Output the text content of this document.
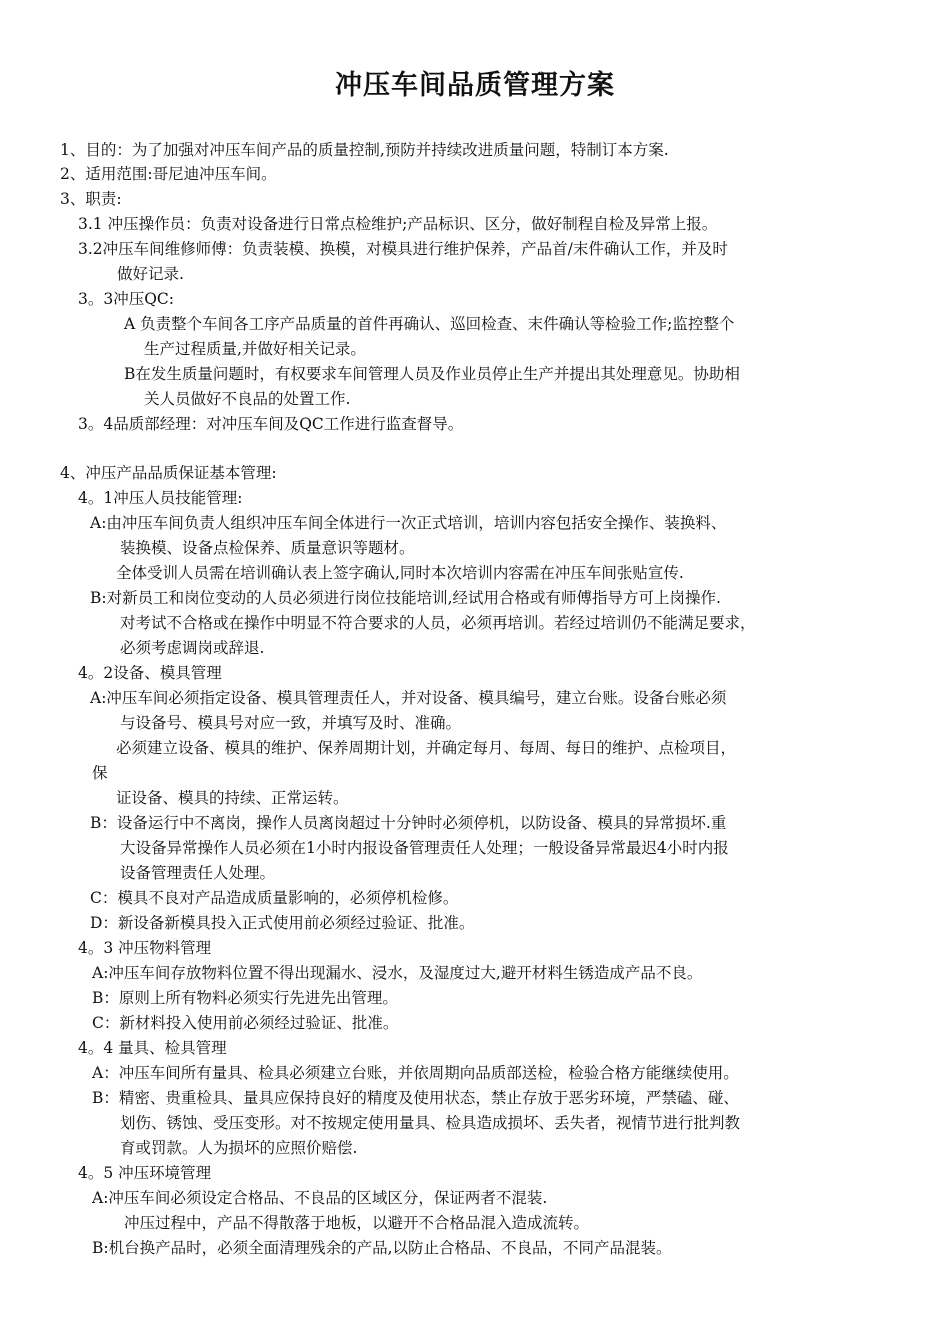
冲压车间品质管理方案
1、目的：为了加强对冲压车间产品的质量控制,预防并持续改进质量问题，特制订本方案.
2、适用范围:哥尼迪冲压车间。
3、职责:
3.1 冲压操作员：负责对设备进行日常点检维护;产品标识、区分，做好制程自检及异常上报。
3.2冲压车间维修师傅：负责装模、换模，对模具进行维护保养，产品首/末件确认工作，并及时
做好记录.
3。3冲压QC:
A 负责整个车间各工序产品质量的首件再确认、巡回检查、末件确认等检验工作;监控整个
生产过程质量,并做好相关记录。
B在发生质量问题时，有权要求车间管理人员及作业员停止生产并提出其处理意见。协助相
关人员做好不良品的处置工作.
3。4品质部经理：对冲压车间及QC工作进行监查督导。
4、冲压产品品质保证基本管理:
4。1冲压人员技能管理:
A:由冲压车间负责人组织冲压车间全体进行一次正式培训，培训内容包括安全操作、装换料、
装换模、设备点检保养、质量意识等题材。
全体受训人员需在培训确认表上签字确认,同时本次培训内容需在冲压车间张贴宣传.
B:对新员工和岗位变动的人员必须进行岗位技能培训,经试用合格或有师傅指导方可上岗操作.
对考试不合格或在操作中明显不符合要求的人员，必须再培训。若经过培训仍不能满足要求，
必须考虑调岗或辞退.
4。2设备、模具管理
A:冲压车间必须指定设备、模具管理责任人，并对设备、模具编号，建立台账。设备台账必须
与设备号、模具号对应一致，并填写及时、准确。
必须建立设备、模具的维护、保养周期计划，并确定每月、每周、每日的维护、点检项目，
保
证设备、模具的持续、正常运转。
B：设备运行中不离岗，操作人员离岗超过十分钟时必须停机，以防设备、模具的异常损坏.重
大设备异常操作人员必须在1小时内报设备管理责任人处理；一般设备异常最迟4小时内报
设备管理责任人处理。
C：模具不良对产品造成质量影响的，必须停机检修。
D：新设备新模具投入正式使用前必须经过验证、批准。
4。3 冲压物料管理
A:冲压车间存放物料位置不得出现漏水、浸水，及湿度过大,避开材料生锈造成产品不良。
B：原则上所有物料必须实行先进先出管理。
C：新材料投入使用前必须经过验证、批准。
4。4 量具、检具管理
A：冲压车间所有量具、检具必须建立台账，并依周期向品质部送检，检验合格方能继续使用。
B：精密、贵重检具、量具应保持良好的精度及使用状态，禁止存放于恶劣环境，严禁磕、碰、
划伤、锈蚀、受压变形。对不按规定使用量具、检具造成损坏、丢失者，视情节进行批判教
育或罚款。人为损坏的应照价赔偿.
4。5 冲压环境管理
A:冲压车间必须设定合格品、不良品的区域区分，保证两者不混装.
冲压过程中，产品不得散落于地板，以避开不合格品混入造成流转。
B:机台换产品时，必须全面清理残余的产品,以防止合格品、不良品，不同产品混装。
